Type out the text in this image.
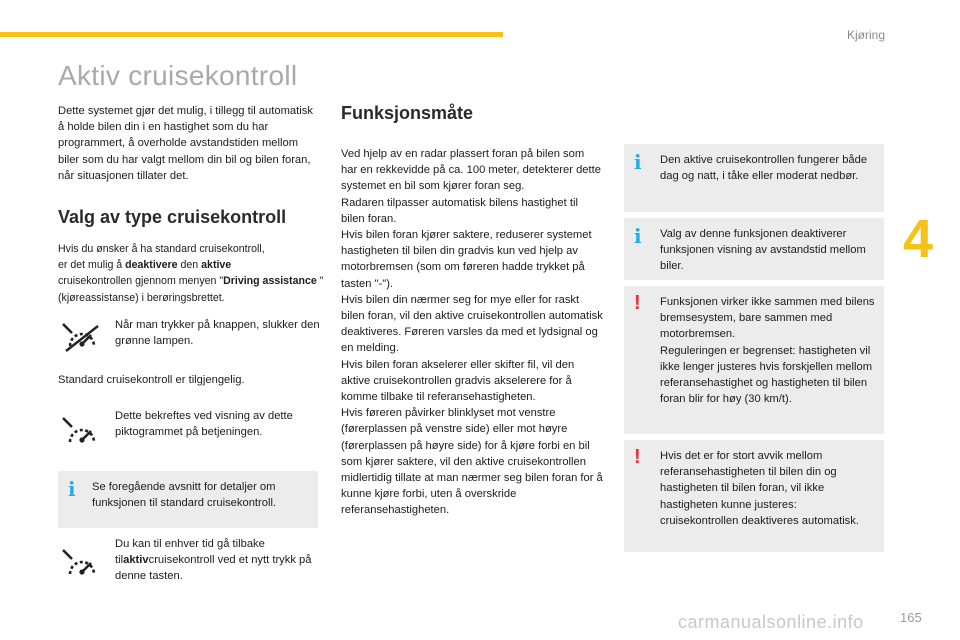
Kjøring
4
Aktiv cruisekontroll
Dette systemet gjør det mulig, i tillegg til automatisk å holde bilen din i en hastighet som du har programmert, å overholde avstandstiden mellom biler som du har valgt mellom din bil og bilen foran, når situasjonen tillater det.
Valg av type cruisekontroll
Hvis du ønsker å ha standard cruisekontroll,
er det mulig å deaktivere den aktive
cruisekontrollen gjennom menyen "Driving assistance " (kjøreassistanse) i berøringsbrettet.
Når man trykker på knappen, slukker den grønne lampen.
Standard cruisekontroll er tilgjengelig.
Dette bekreftes ved visning av dette piktogrammet på betjeningen.
i Se foregående avsnitt for detaljer om funksjonen til standard cruisekontroll.
Du kan til enhver tid gå tilbake tilaktivcruisekontroll ved et nytt trykk på denne tasten.
Funksjonsmåte
Ved hjelp av en radar plassert foran på bilen som har en rekkevidde på ca. 100 meter, detekterer dette systemet en bil som kjører foran seg.
Radaren tilpasser automatisk bilens hastighet til bilen foran.
Hvis bilen foran kjører saktere, reduserer systemet hastigheten til bilen din gradvis kun ved hjelp av motorbremsen (som om føreren hadde trykket på tasten "-").
Hvis bilen din nærmer seg for mye eller for raskt bilen foran, vil den aktive cruisekontrollen automatisk deaktiveres. Føreren varsles da med et lydsignal og en melding.
Hvis bilen foran akselerer eller skifter fil, vil den aktive cruisekontrollen gradvis akselerere for å komme tilbake til referansehastigheten.
Hvis føreren påvirker blinklyset mot venstre (førerplassen på venstre side) eller mot høyre (førerplassen på høyre side) for å kjøre forbi en bil som kjører saktere, vil den aktive cruisekontrollen midlertidig tillate at man nærmer seg bilen foran for å kunne kjøre forbi, uten å overskride referansehastigheten.
i Den aktive cruisekontrollen fungerer både dag og natt, i tåke eller moderat nedbør.
i Valg av denne funksjonen deaktiverer funksjonen visning av avstandstid mellom biler.
! Funksjonen virker ikke sammen med bilens bremsesystem, bare sammen med motorbremsen.
Reguleringen er begrenset: hastigheten vil ikke lenger justeres hvis forskjellen mellom referansehastighet og hastigheten til bilen foran blir for høy (30 km/t).
! Hvis det er for stort avvik mellom referansehastigheten til bilen din og hastigheten til bilen foran, vil ikke hastigheten kunne justeres: cruisekontrollen deaktiveres automatisk.
carmanualsonline.info	165
